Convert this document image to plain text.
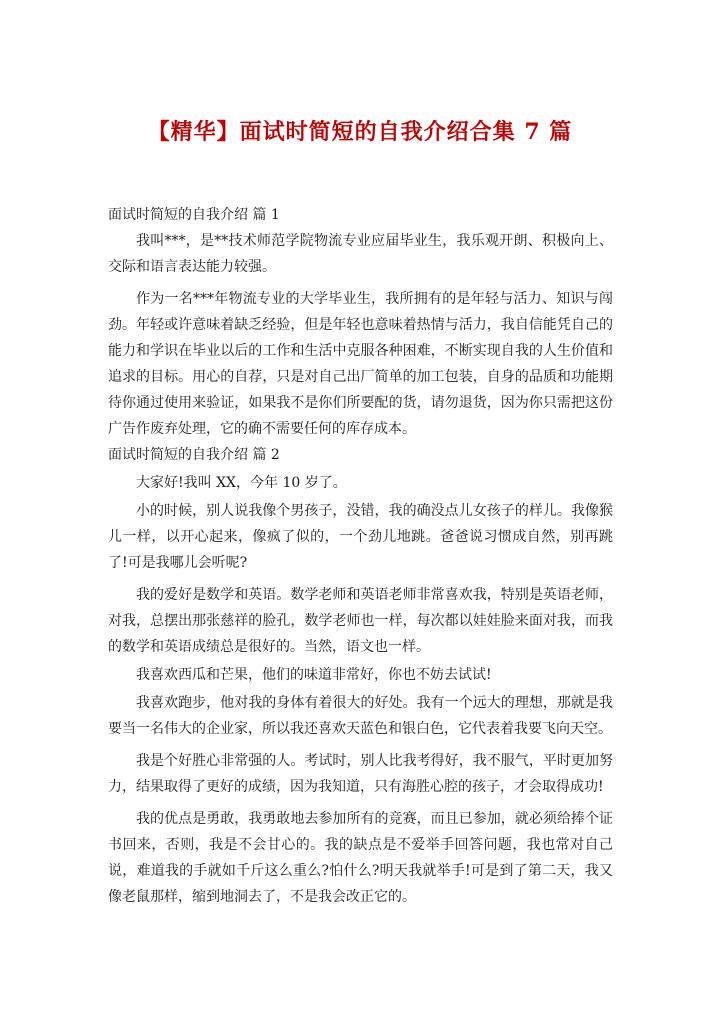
【精华】面试时简短的自我介绍合集 7 篇

面试时简短的自我介绍 篇 1

我叫***，是**技术师范学院物流专业应届毕业生，我乐观开朗、积极向上、交际和语言表达能力较强。

作为一名***年物流专业的大学毕业生，我所拥有的是年轻与活力、知识与闯劲。年轻或许意味着缺乏经验，但是年轻也意味着热情与活力，我自信能凭自己的能力和学识在毕业以后的工作和生活中克服各种困难，不断实现自我的人生价值和追求的目标。用心的自荐，只是对自己出厂简单的加工包装，自身的品质和功能期待你通过使用来验证，如果我不是你们所要配的货，请勿退货，因为你只需把这份广告作废弃处理，它的确不需要任何的库存成本。

面试时简短的自我介绍 篇 2

大家好!我叫 XX，今年 10 岁了。

小的时候，别人说我像个男孩子，没错，我的确没点儿女孩子的样儿。我像猴儿一样，以开心起来，像疯了似的，一个劲儿地跳。爸爸说习惯成自然，别再跳了!可是我哪儿会听呢?

我的爱好是数学和英语。数学老师和英语老师非常喜欢我，特别是英语老师，对我，总摆出那张慈祥的脸孔，数学老师也一样，每次都以娃娃脸来面对我，而我的数学和英语成绩总是很好的。当然，语文也一样。

我喜欢西瓜和芒果，他们的味道非常好，你也不妨去试试!

我喜欢跑步，他对我的身体有着很大的好处。我有一个远大的理想，那就是我要当一名伟大的企业家，所以我还喜欢天蓝色和银白色，它代表着我要飞向天空。

我是个好胜心非常强的人。考试时，别人比我考得好，我不服气，平时更加努力，结果取得了更好的成绩，因为我知道，只有海胜心腔的孩子，才会取得成功!

我的优点是勇敢，我勇敢地去参加所有的竞赛，而且已参加，就必须给捧个证书回来，否则，我是不会甘心的。我的缺点是不爱举手回答问题，我也常对自己说，难道我的手就如千斤这么重么?怕什么?明天我就举手!可是到了第二天，我又像老鼠那样，缩到地洞去了，不是我会改正它的。
